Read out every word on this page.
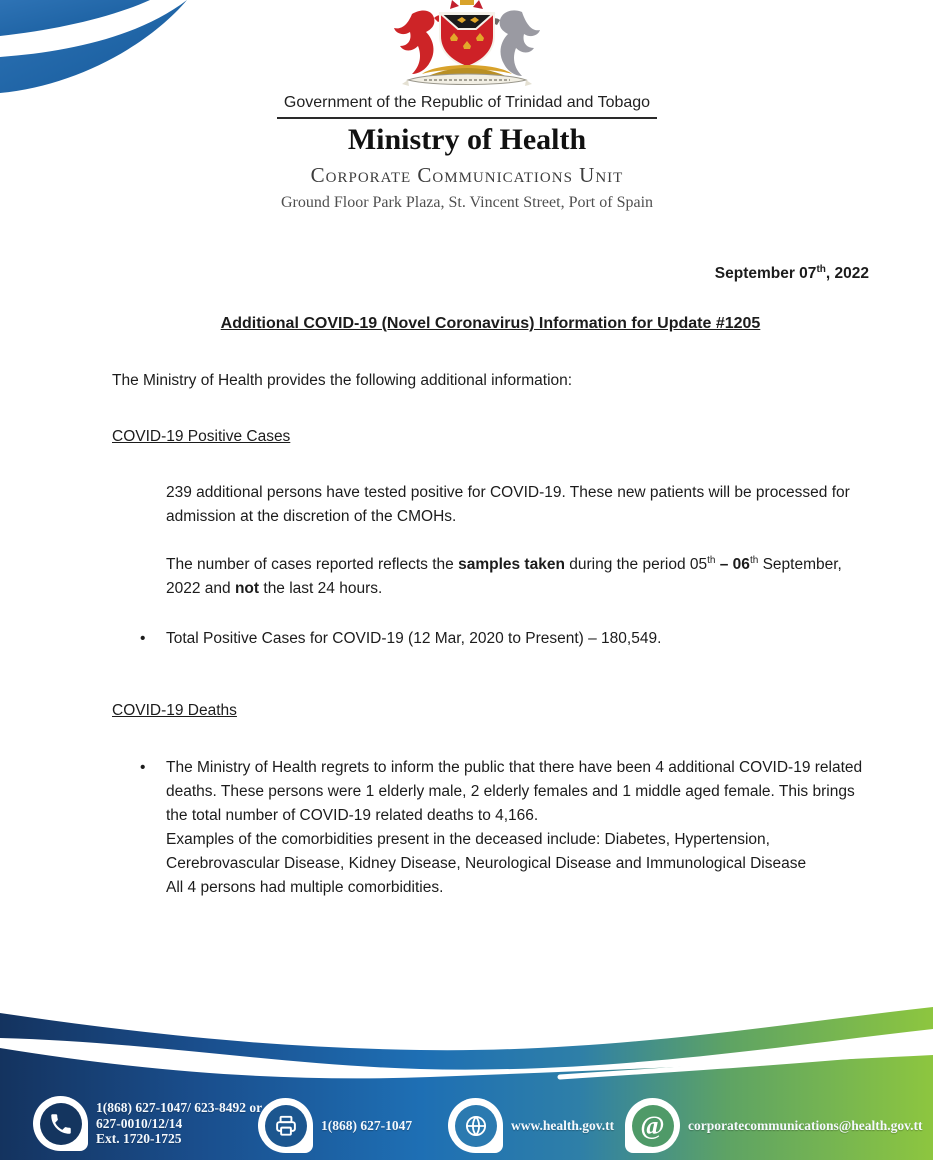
Government of the Republic of Trinidad and Tobago
Ministry of Health
Corporate Communications Unit
Ground Floor Park Plaza, St. Vincent Street, Port of Spain
September 07th, 2022
Additional COVID-19 (Novel Coronavirus) Information for Update #1205
The Ministry of Health provides the following additional information:
COVID-19 Positive Cases
239 additional persons have tested positive for COVID-19. These new patients will be processed for admission at the discretion of the CMOHs.
The number of cases reported reflects the samples taken during the period 05th – 06th September, 2022 and not the last 24 hours.
•	Total Positive Cases for COVID-19 (12 Mar, 2020 to Present) – 180,549.
COVID-19 Deaths
•	The Ministry of Health regrets to inform the public that there have been 4 additional COVID-19 related deaths. These persons were 1 elderly male, 2 elderly females and 1 middle aged female. This brings the total number of COVID-19 related deaths to 4,166.
Examples of the comorbidities present in the deceased include: Diabetes, Hypertension, Cerebrovascular Disease, Kidney Disease, Neurological Disease and Immunological Disease
All 4 persons had multiple comorbidities.
1(868) 627-1047/ 623-8492 or
627-0010/12/14
Ext. 1720-1725
1(868) 627-1047	www.health.gov.tt @ corporatecommunications@health.gov.tt
